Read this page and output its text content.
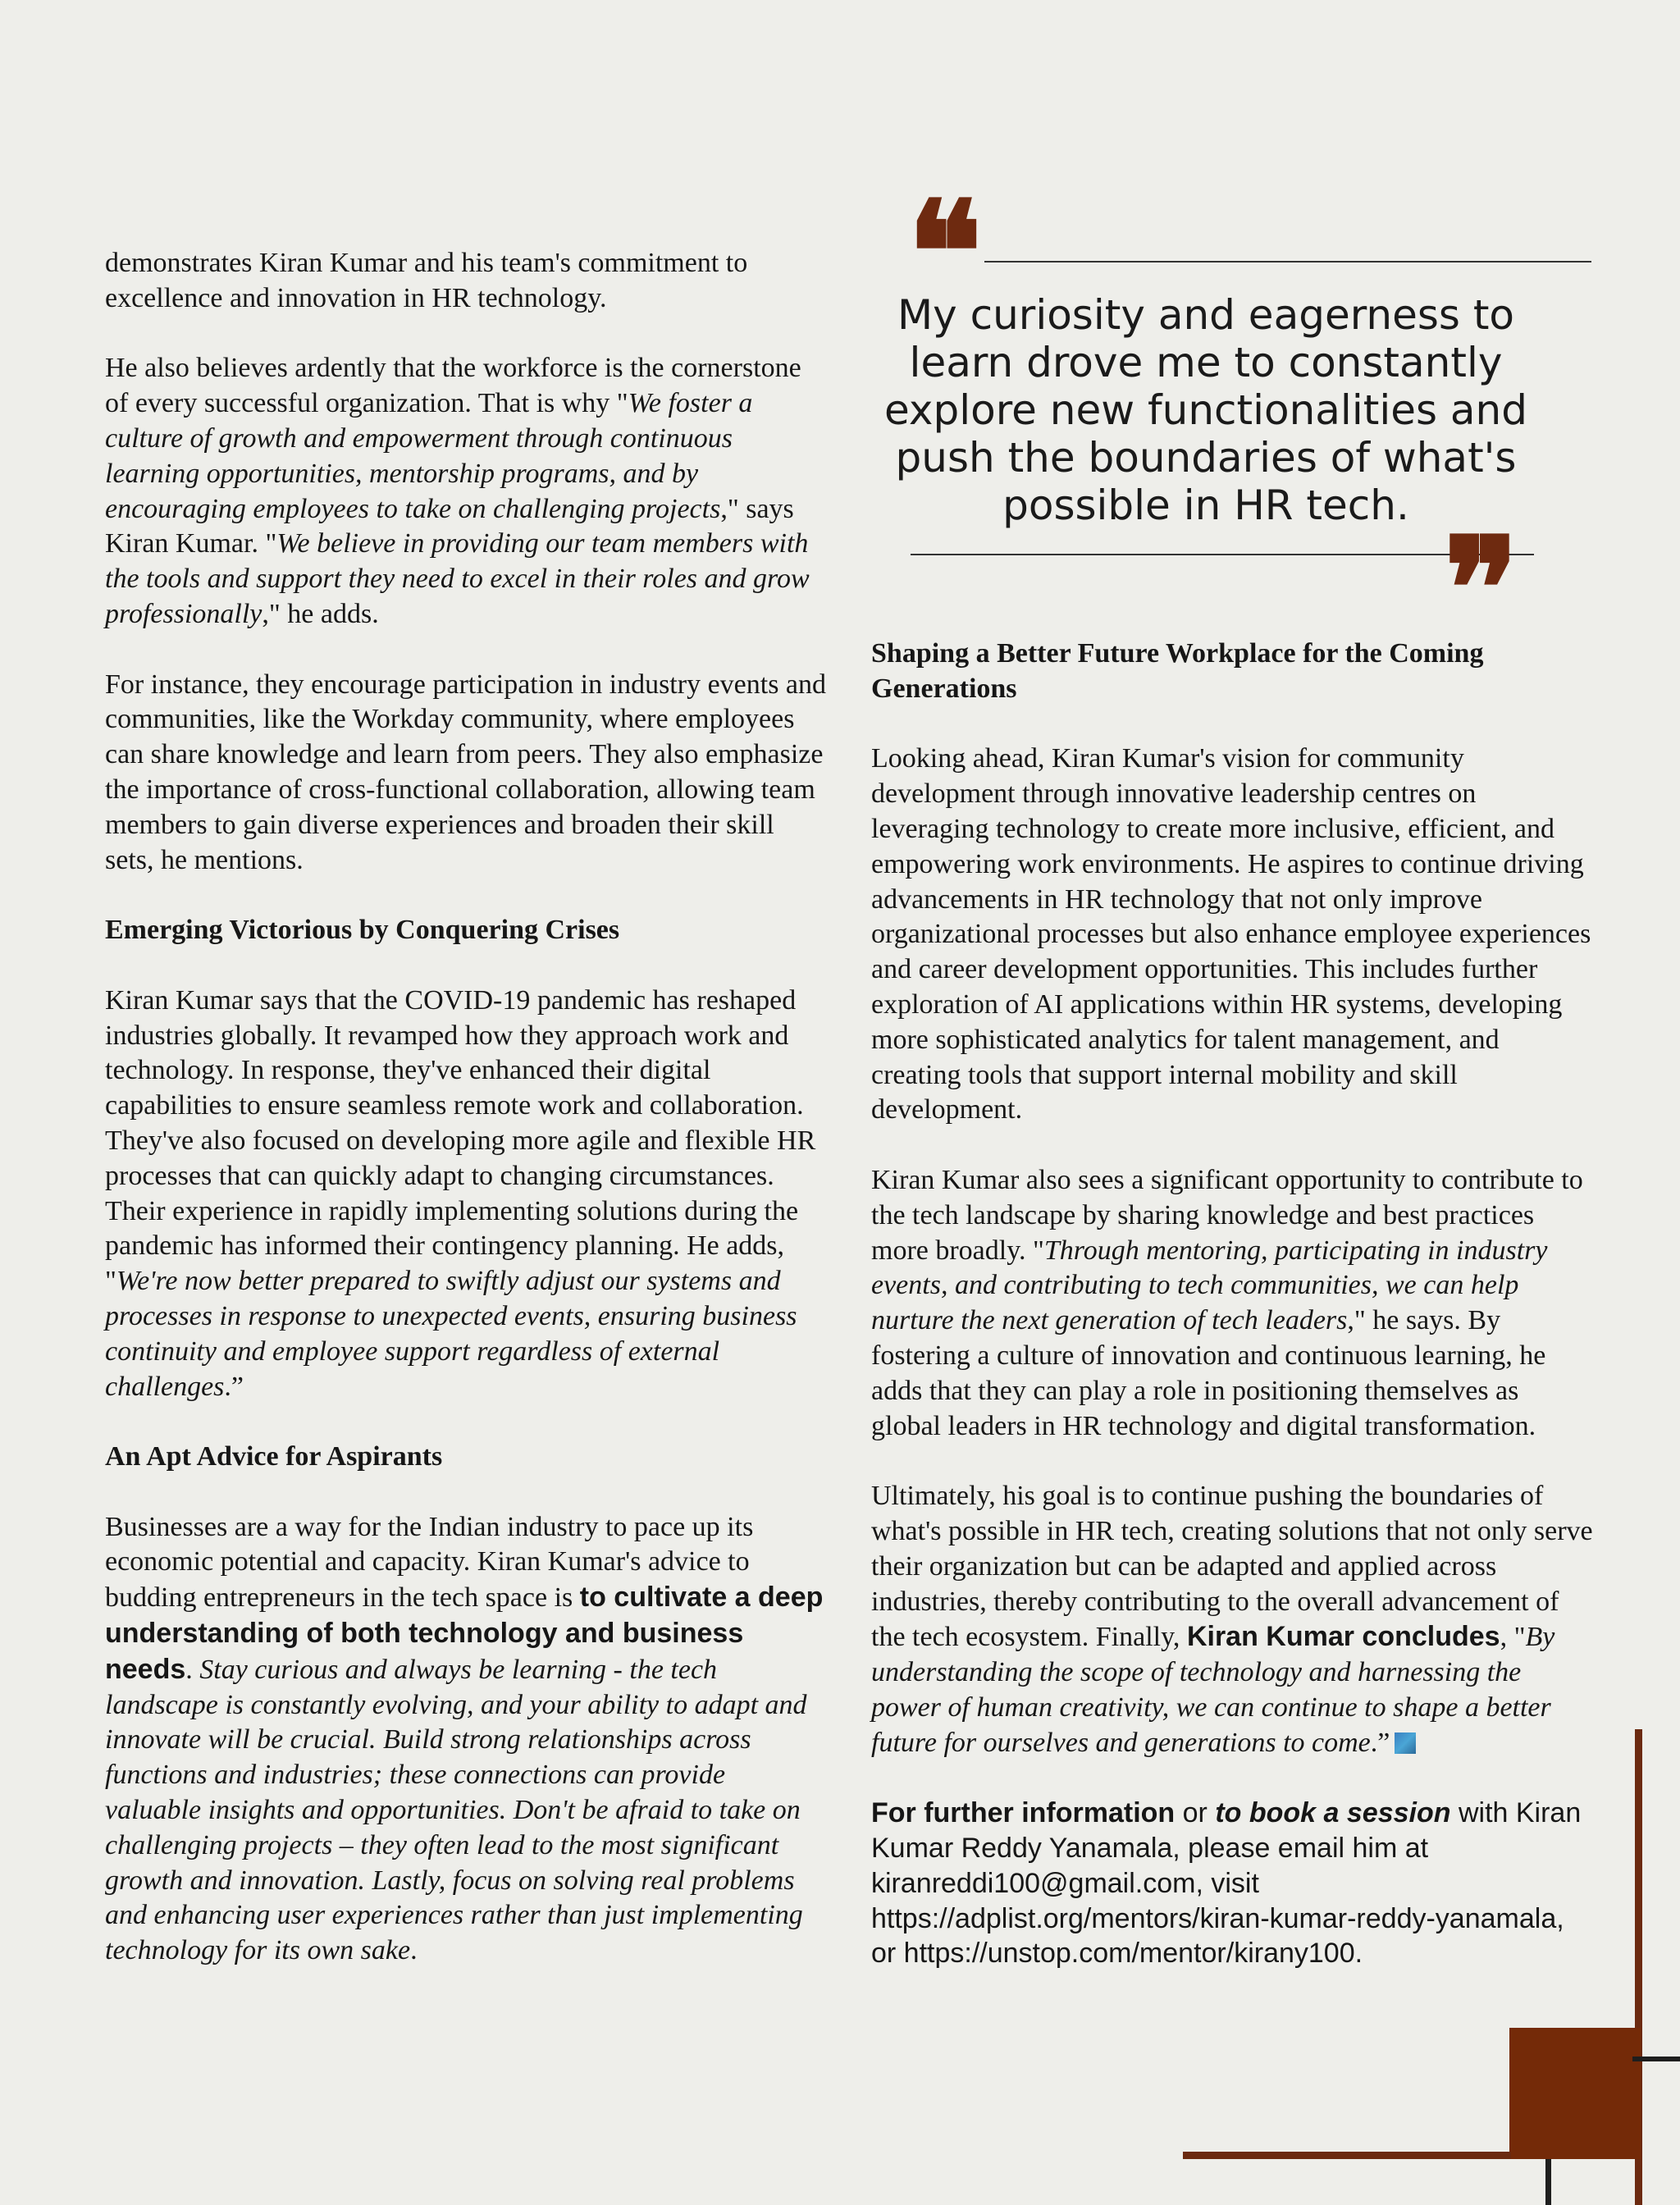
demonstrates Kiran Kumar and his team's commitment to excellence and innovation in HR technology.

He also believes ardently that the workforce is the cornerstone of every successful organization. That is why "We foster a culture of growth and empowerment through continuous learning opportunities, mentorship programs, and by encouraging employees to take on challenging projects," says Kiran Kumar. "We believe in providing our team members with the tools and support they need to excel in their roles and grow professionally," he adds.

For instance, they encourage participation in industry events and communities, like the Workday community, where employees can share knowledge and learn from peers. They also emphasize the importance of cross-functional collaboration, allowing team members to gain diverse experiences and broaden their skill sets, he mentions.

Emerging Victorious by Conquering Crises

Kiran Kumar says that the COVID-19 pandemic has reshaped industries globally. It revamped how they approach work and technology. In response, they've enhanced their digital capabilities to ensure seamless remote work and collaboration. They've also focused on developing more agile and flexible HR processes that can quickly adapt to changing circumstances. Their experience in rapidly implementing solutions during the pandemic has informed their contingency planning. He adds, "We're now better prepared to swiftly adjust our systems and processes in response to unexpected events, ensuring business continuity and employee support regardless of external challenges.”

An Apt Advice for Aspirants

Businesses are a way for the Indian industry to pace up its economic potential and capacity. Kiran Kumar's advice to budding entrepreneurs in the tech space is to cultivate a deep understanding of both technology and business needs. Stay curious and always be learning - the tech landscape is constantly evolving, and your ability to adapt and innovate will be crucial. Build strong relationships across functions and industries; these connections can provide valuable insights and opportunities. Don't be afraid to take on challenging projects – they often lead to the most significant growth and innovation. Lastly, focus on solving real problems and enhancing user experiences rather than just implementing technology for its own sake.

❝
My curiosity and eagerness to learn drove me to constantly explore new functionalities and push the boundaries of what's possible in HR tech.
❞
Shaping a Better Future Workplace for the Coming Generations

Looking ahead, Kiran Kumar's vision for community development through innovative leadership centres on leveraging technology to create more inclusive, efficient, and empowering work environments. He aspires to continue driving advancements in HR technology that not only improve organizational processes but also enhance employee experiences and career development opportunities. This includes further exploration of AI applications within HR systems, developing more sophisticated analytics for talent management, and creating tools that support internal mobility and skill development.

Kiran Kumar also sees a significant opportunity to contribute to the tech landscape by sharing knowledge and best practices more broadly. "Through mentoring, participating in industry events, and contributing to tech communities, we can help nurture the next generation of tech leaders," he says. By fostering a culture of innovation and continuous learning, he adds that they can play a role in positioning themselves as global leaders in HR technology and digital transformation.

Ultimately, his goal is to continue pushing the boundaries of what's possible in HR tech, creating solutions that not only serve their organization but can be adapted and applied across industries, thereby contributing to the overall advancement of the tech ecosystem. Finally, Kiran Kumar concludes, "By understanding the scope of technology and harnessing the power of human creativity, we can continue to shape a better future for ourselves and generations to come.”

For further information or to book a session with Kiran Kumar Reddy Yanamala, please email him at kiranreddi100@gmail.com, visit https://adplist.org/mentors/kiran-kumar-reddy-yanamala, or https://unstop.com/mentor/kirany100.
